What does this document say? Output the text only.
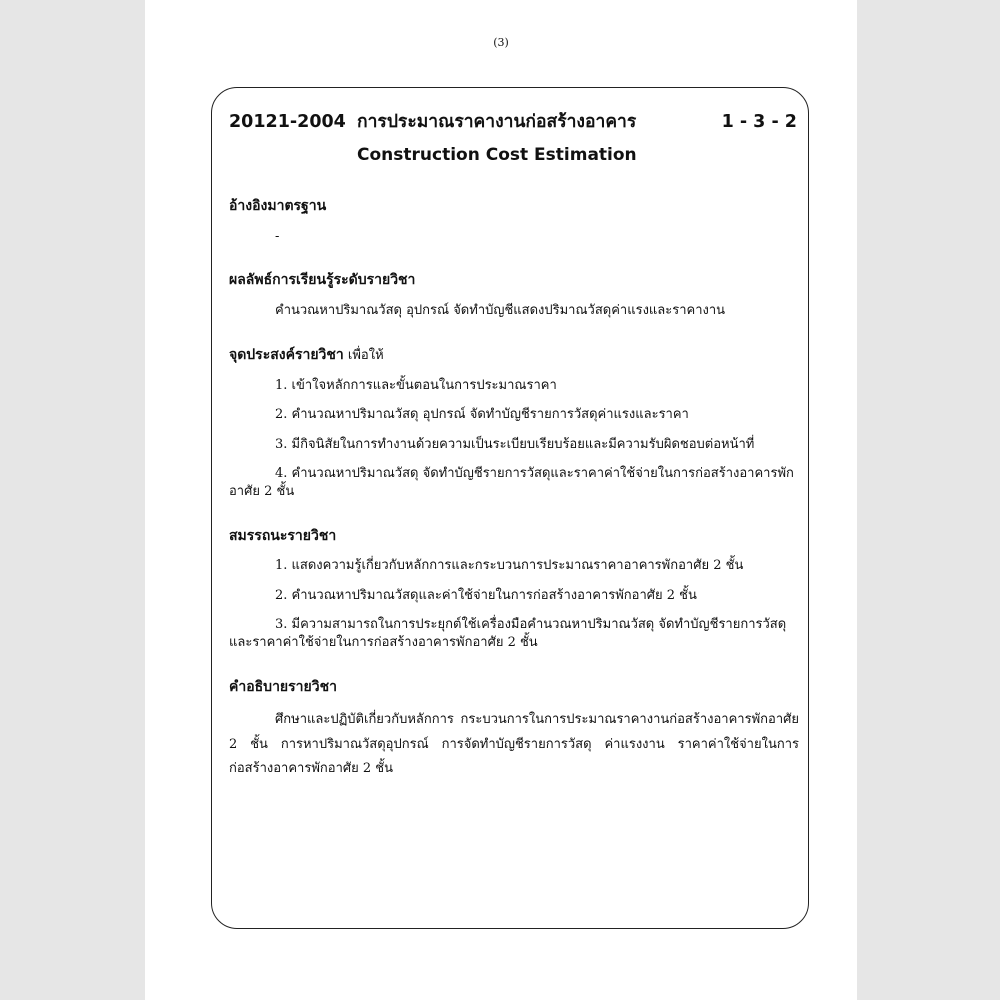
(3)
20121-2004 การประมาณราคางานก่อสร้างอาคาร	1 - 3 - 2
Construction Cost Estimation
อ้างอิงมาตรฐาน

-

ผลลัพธ์การเรียนรู้ระดับรายวิชา

คำนวณหาปริมาณวัสดุ อุปกรณ์ จัดทำบัญชีแสดงปริมาณวัสดุค่าแรงและราคางาน

จุดประสงค์รายวิชา เพื่อให้

1. เข้าใจหลักการและขั้นตอนในการประมาณราคา

2. คำนวณหาปริมาณวัสดุ อุปกรณ์ จัดทำบัญชีรายการวัสดุค่าแรงและราคา

3. มีกิจนิสัยในการทำงานด้วยความเป็นระเบียบเรียบร้อยและมีความรับผิดชอบต่อหน้าที่

4. คำนวณหาปริมาณวัสดุ จัดทำบัญชีรายการวัสดุและราคาค่าใช้จ่ายในการก่อสร้างอาคารพักอาศัย 2 ชั้น

สมรรถนะรายวิชา

1. แสดงความรู้เกี่ยวกับหลักการและกระบวนการประมาณราคาอาคารพักอาศัย 2 ชั้น

2. คำนวณหาปริมาณวัสดุและค่าใช้จ่ายในการก่อสร้างอาคารพักอาศัย 2 ชั้น

3. มีความสามารถในการประยุกต์ใช้เครื่องมือคำนวณหาปริมาณวัสดุ จัดทำบัญชีรายการวัสดุและราคาค่าใช้จ่ายในการก่อสร้างอาคารพักอาศัย 2 ชั้น

คำอธิบายรายวิชา

ศึกษาและปฏิบัติเกี่ยวกับหลักการ กระบวนการในการประมาณราคางานก่อสร้างอาคารพักอาศัย 2 ชั้น การหาปริมาณวัสดุอุปกรณ์ การจัดทำบัญชีรายการวัสดุ ค่าแรงงาน ราคาค่าใช้จ่ายในการก่อสร้างอาคารพักอาศัย 2 ชั้น
